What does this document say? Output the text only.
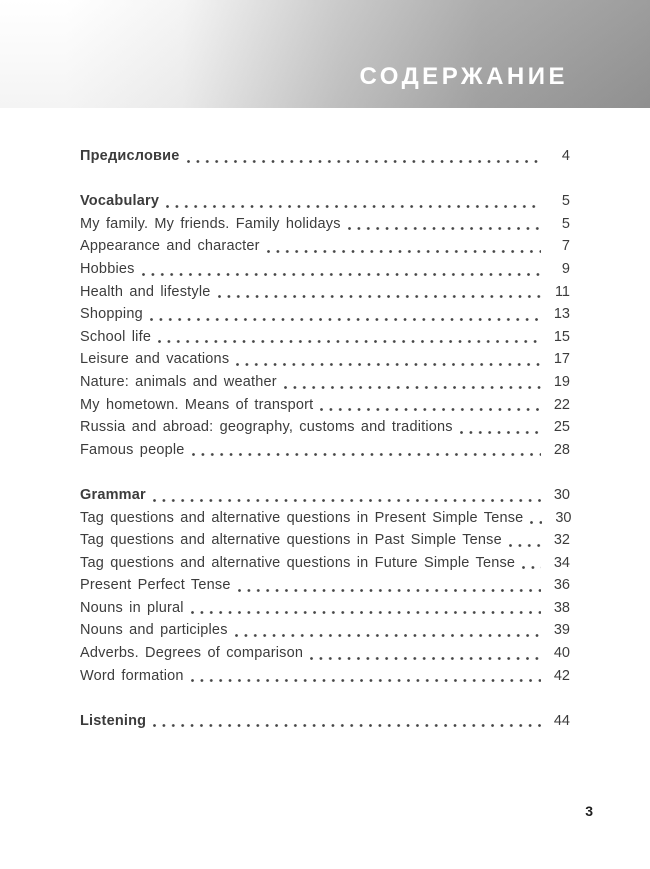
СОДЕРЖАНИЕ
Предисловие	4
Vocabulary	5
My family. My friends. Family holidays	5
Appearance and character	7
Hobbies	9
Health and lifestyle	11
Shopping	13
School life	15
Leisure and vacations	17
Nature: animals and weather	19
My hometown. Means of transport	22
Russia and abroad: geography, customs and traditions	25
Famous people	28
Grammar	30
Tag questions and alternative questions in Present Simple Tense	30
Tag questions and alternative questions in Past Simple Tense	32
Tag questions and alternative questions in Future Simple Tense	34
Present Perfect Tense	36
Nouns in plural	38
Nouns and participles	39
Adverbs. Degrees of comparison	40
Word formation	42
Listening	44
3
